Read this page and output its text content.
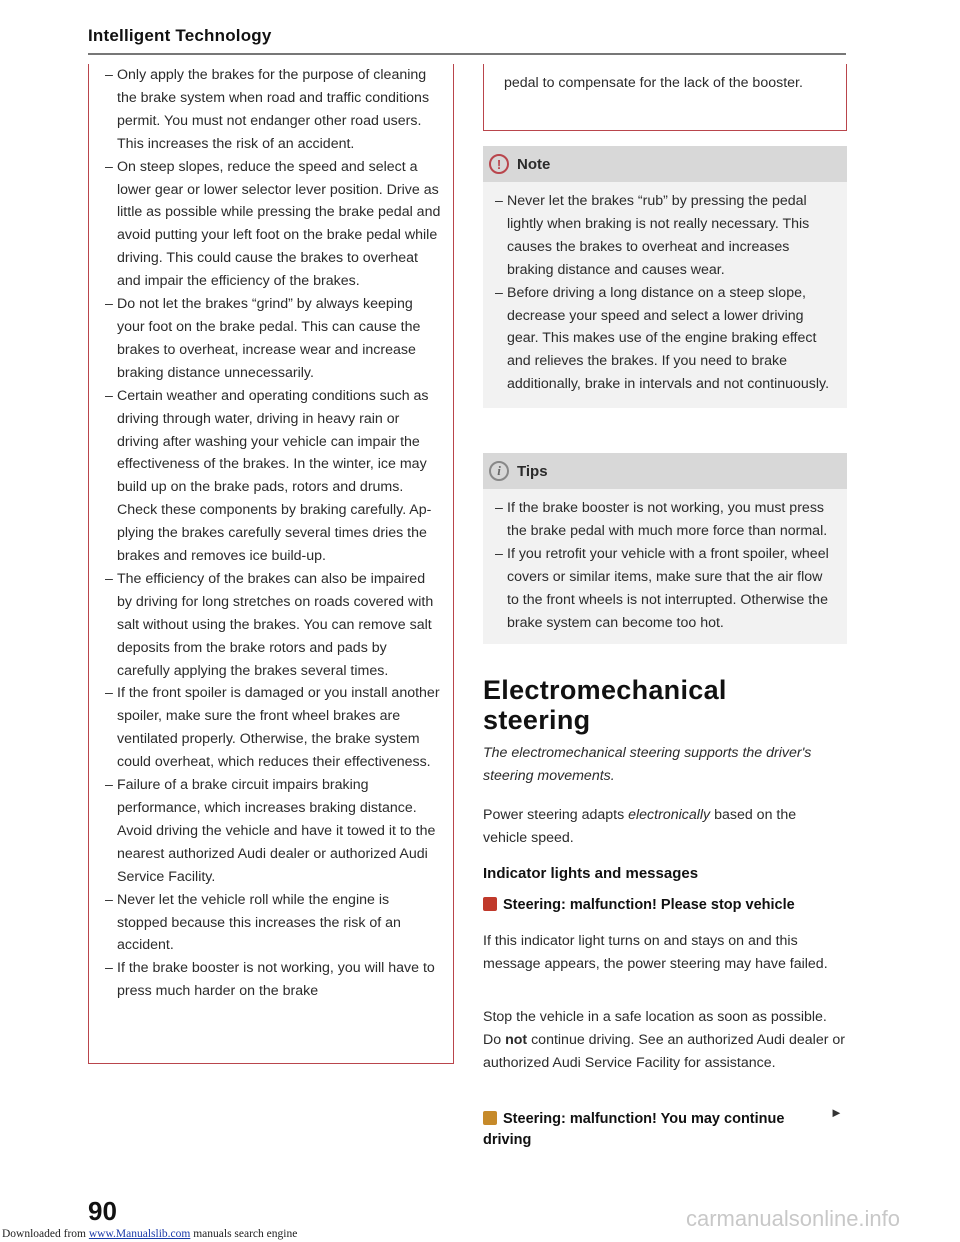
Intelligent Technology
– Only apply the brakes for the purpose of cleaning the brake system when road and traffic conditions permit. You must not endanger other road users. This increases the risk of an accident.
– On steep slopes, reduce the speed and select a lower gear or lower selector lever position. Drive as little as possible while pressing the brake pedal and avoid putting your left foot on the brake pedal while driving. This could cause the brakes to overheat and impair the efficiency of the brakes.
– Do not let the brakes “grind” by always keeping your foot on the brake pedal. This can cause the brakes to overheat, increase wear and increase braking distance unnecessarily.
– Certain weather and operating conditions such as driving through water, driving in heavy rain or driving after washing your vehicle can impair the effectiveness of the brakes. In the winter, ice may build up on the brake pads, rotors and drums. Check these components by braking carefully. Applying the brakes carefully several times dries the brakes and removes ice build-up.
– The efficiency of the brakes can also be impaired by driving for long stretches on roads covered with salt without using the brakes. You can remove salt deposits from the brake rotors and pads by carefully applying the brakes several times.
– If the front spoiler is damaged or you install another spoiler, make sure the front wheel brakes are ventilated properly. Otherwise, the brake system could overheat, which reduces their effectiveness.
– Failure of a brake circuit impairs braking performance, which increases braking distance. Avoid driving the vehicle and have it towed it to the nearest authorized Audi dealer or authorized Audi Service Facility.
– Never let the vehicle roll while the engine is stopped because this increases the risk of an accident.
– If the brake booster is not working, you will have to press much harder on the brake
pedal to compensate for the lack of the booster.
!	Note
– Never let the brakes “rub” by pressing the pedal lightly when braking is not really necessary. This causes the brakes to overheat and increases braking distance and causes wear.
– Before driving a long distance on a steep slope, decrease your speed and select a lower driving gear. This makes use of the engine braking effect and relieves the brakes. If you need to brake additionally, brake in intervals and not continuously.
i	Tips
– If the brake booster is not working, you must press the brake pedal with much more force than normal.
– If you retrofit your vehicle with a front spoiler, wheel covers or similar items, make sure that the air flow to the front wheels is not interrupted. Otherwise the brake system can become too hot.
Electromechanical
steering
The electromechanical steering supports the driver's steering movements.
Power steering adapts electronically based on the vehicle speed.
Indicator lights and messages
Steering: malfunction! Please stop vehicle
If this indicator light turns on and stays on and this message appears, the power steering may have failed.
Stop the vehicle in a safe location as soon as possible. Do not continue driving. See an authorized Audi dealer or authorized Audi Service Facility for assistance.
Steering: malfunction! You may continue
driving
►
90	carmanualsonline.info
Downloaded from www.Manualslib.com manuals search engine
